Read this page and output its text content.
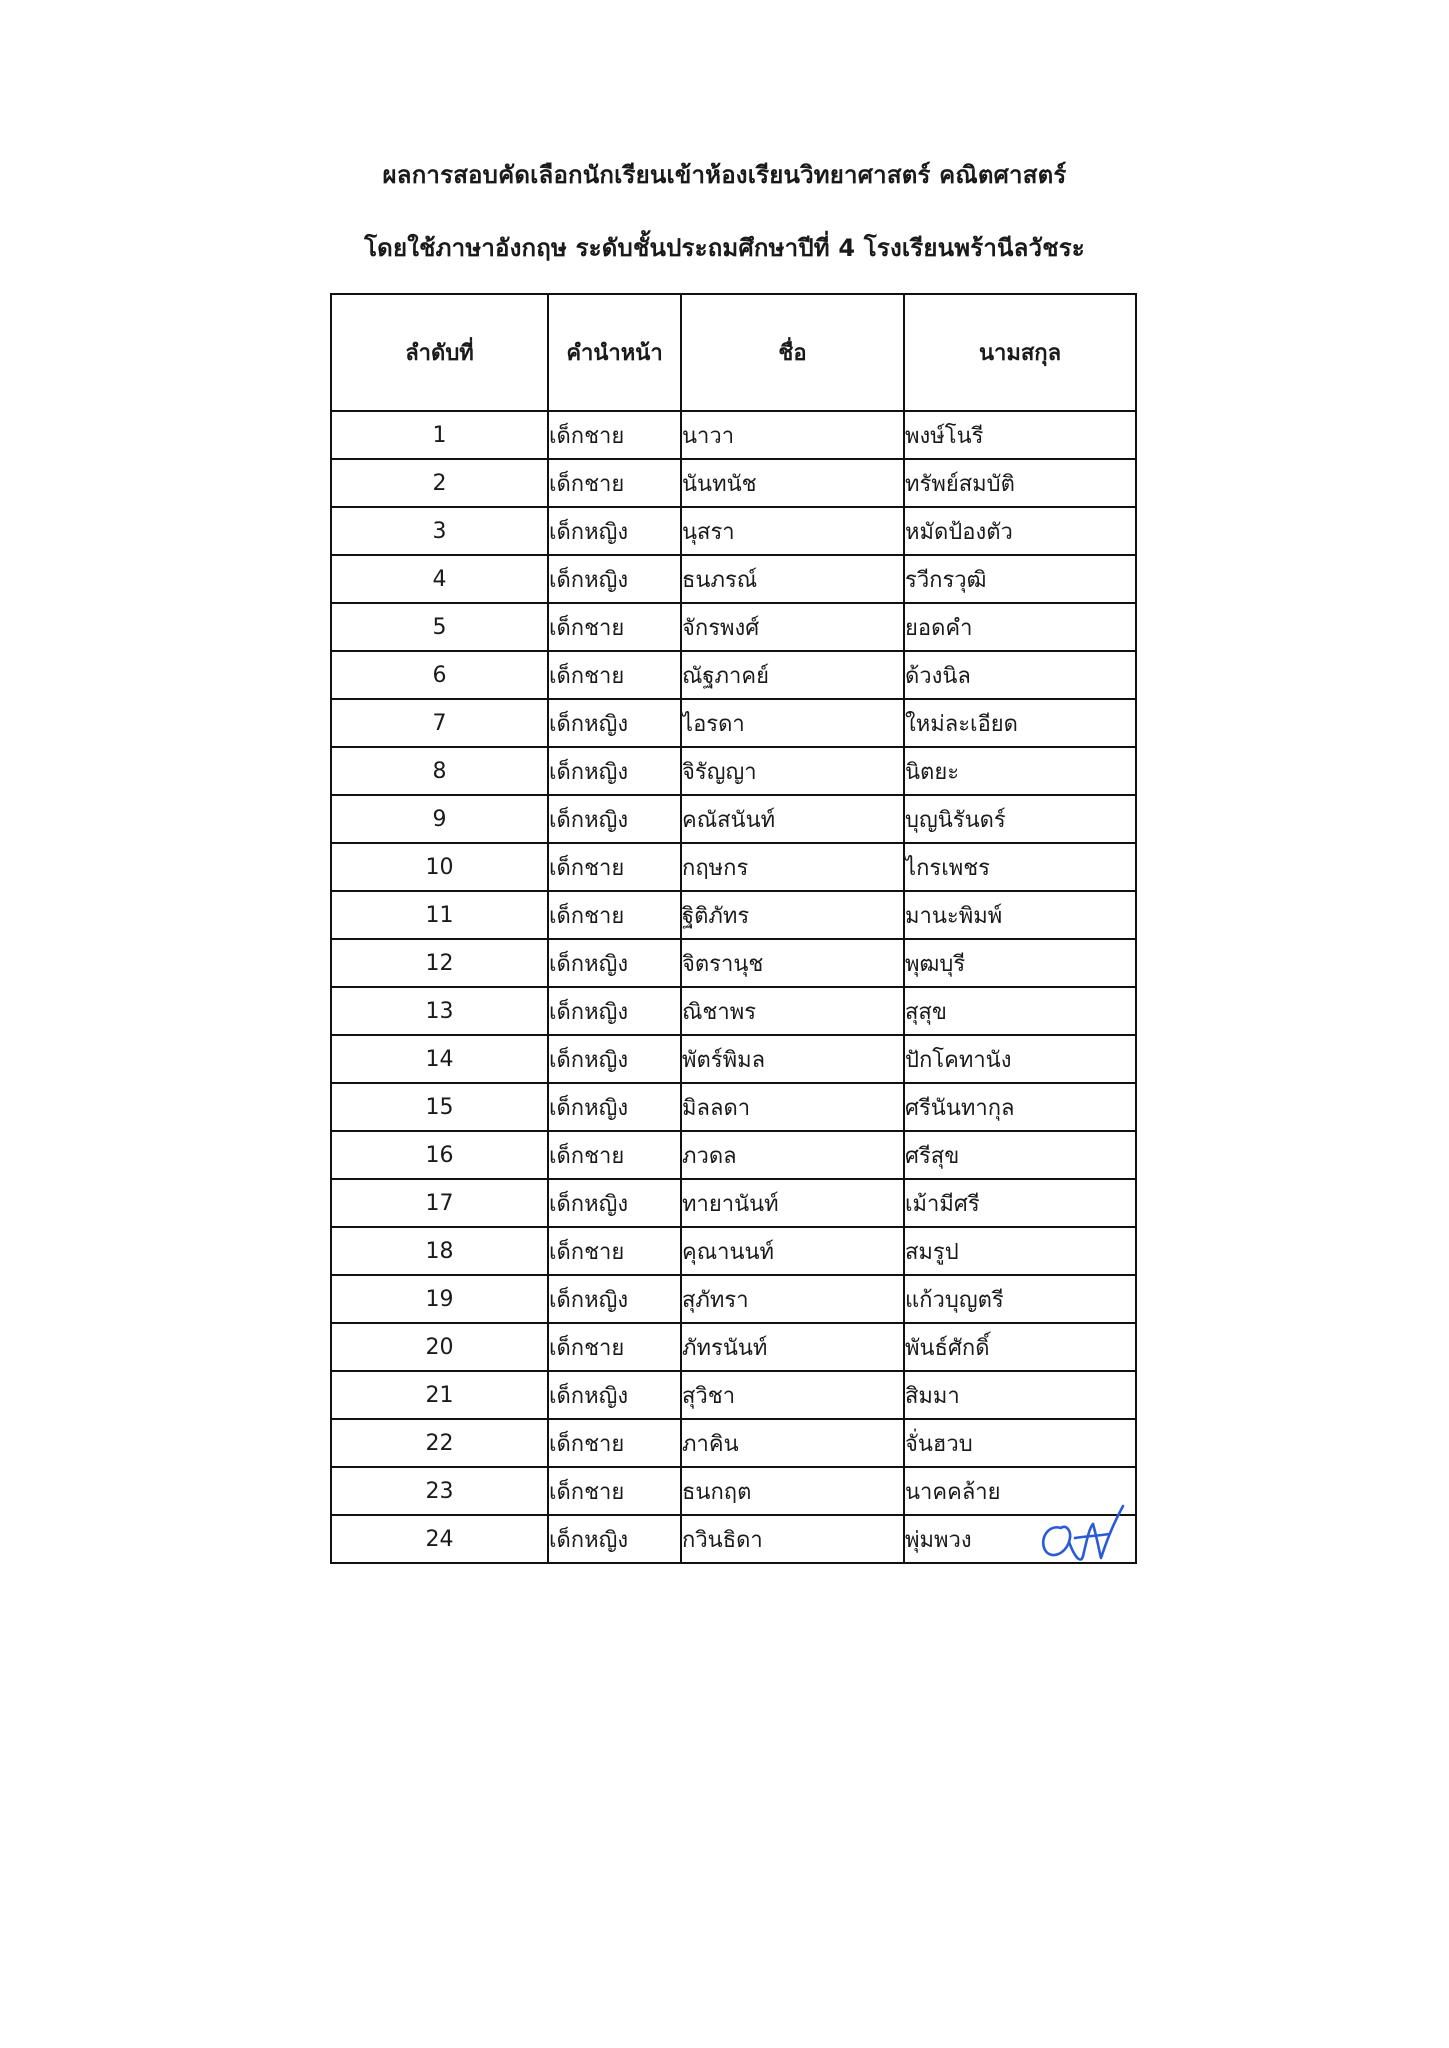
ผลการสอบคัดเลือกนักเรียนเข้าห้องเรียนวิทยาศาสตร์ คณิตศาสตร์
โดยใช้ภาษาอังกฤษ ระดับชั้นประถมศึกษาปีที่ 4 โรงเรียนพร้านีลวัชระ
ลำดับที่	คำนำหน้า	ชื่อ	นามสกุล
1	เด็กชาย	นาวา	พงษ์โนรี
2	เด็กชาย	นันทนัช	ทรัพย์สมบัติ
3	เด็กหญิง	นุสรา	หมัดป้องตัว
4	เด็กหญิง	ธนภรณ์	รวีกรวุฒิ
5	เด็กชาย	จักรพงศ์	ยอดคำ
6	เด็กชาย	ณัฐภาคย์	ด้วงนิล
7	เด็กหญิง	ไอรดา	ใหม่ละเอียด
8	เด็กหญิง	จิรัญญา	นิตยะ
9	เด็กหญิง	คณัสนันท์	บุญนิรันดร์
10	เด็กชาย	กฤษกร	ไกรเพชร
11	เด็กชาย	ฐิติภัทร	มานะพิมพ์
12	เด็กหญิง	จิตรานุช	พุฒบุรี
13	เด็กหญิง	ณิชาพร	สุสุข
14	เด็กหญิง	พัตร์พิมล	ปักโคทานัง
15	เด็กหญิง	มิลลดา	ศรีนันทากุล
16	เด็กชาย	ภวดล	ศรีสุข
17	เด็กหญิง	ทายานันท์	เม้ามีศรี
18	เด็กชาย	คุณานนท์	สมรูป
19	เด็กหญิง	สุภัทรา	แก้วบุญตรี
20	เด็กชาย	ภัทรนันท์	พันธ์ศักดิ์
21	เด็กหญิง	สุวิชา	สิมมา
22	เด็กชาย	ภาคิน	จั่นฮวบ
23	เด็กชาย	ธนกฤต	นาคคล้าย
24	เด็กหญิง	กวินธิดา	พุ่มพวง
